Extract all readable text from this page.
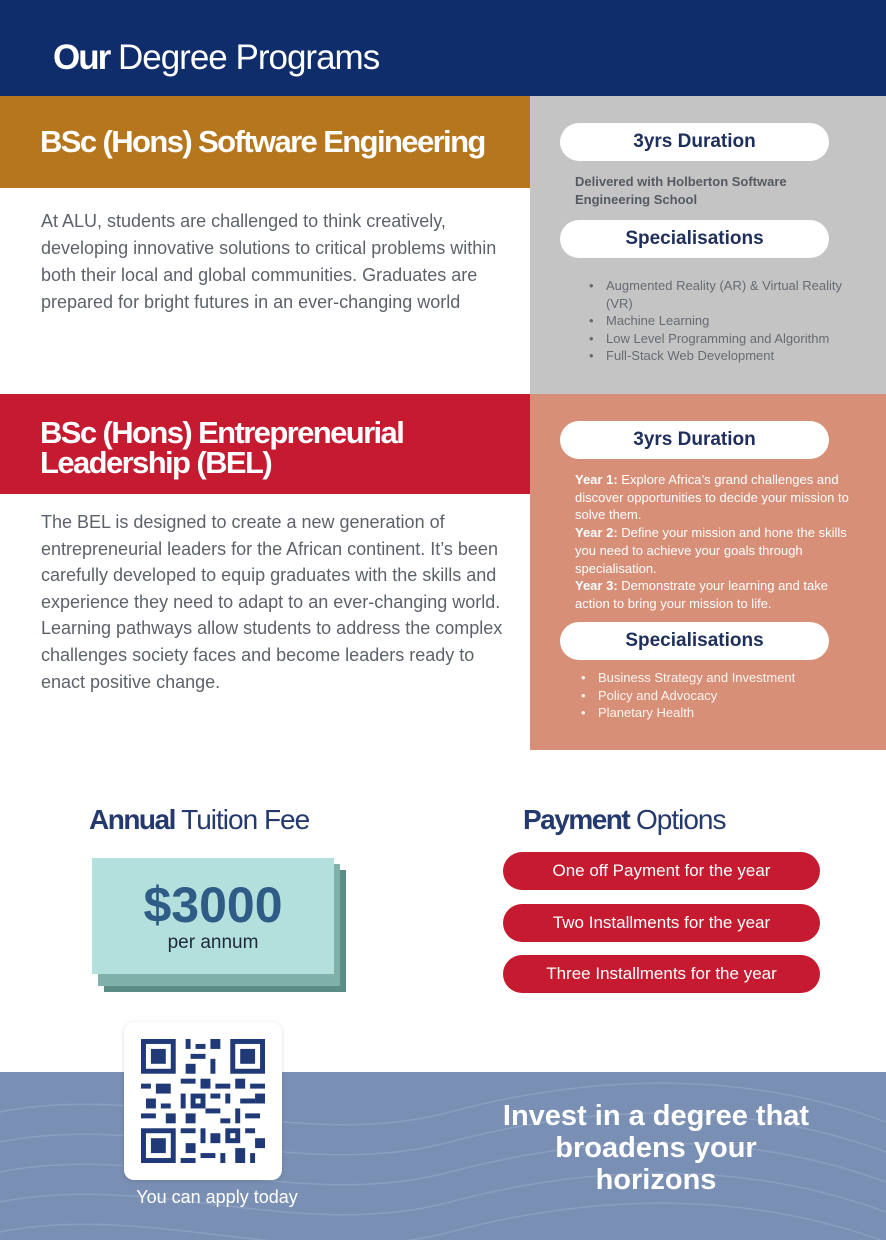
Our Degree Programs
BSc (Hons) Software Engineering

At ALU, students are challenged to think creatively, developing innovative solutions to critical problems within both their local and global communities. Graduates are prepared for bright futures in an ever-changing world

3yrs Duration
Delivered with Holberton Software Engineering School
Specialisations
• Augmented Reality (AR) & Virtual Reality (VR)
• Machine Learning
• Low Level Programming and Algorithm
• Full-Stack Web Development
BSc (Hons) Entrepreneurial
Leadership (BEL)

The BEL is designed to create a new generation of entrepreneurial leaders for the African continent. It’s been carefully developed to equip graduates with the skills and experience they need to adapt to an ever-changing world. Learning pathways allow students to address the complex challenges society faces and become leaders ready to enact positive change.

3yrs Duration
Year 1: Explore Africa’s grand challenges and discover opportunities to decide your mission to solve them.
Year 2: Define your mission and hone the skills you need to achieve your goals through specialisation.
Year 3: Demonstrate your learning and take action to bring your mission to life.
Specialisations
• Business Strategy and Investment
• Policy and Advocacy
• Planetary Health
Annual Tuition Fee
$3000
per annum
Payment Options
One off Payment for the year
Two Installments for the year
Three Installments for the year
You can apply today
Invest in a degree that broadens your horizons
